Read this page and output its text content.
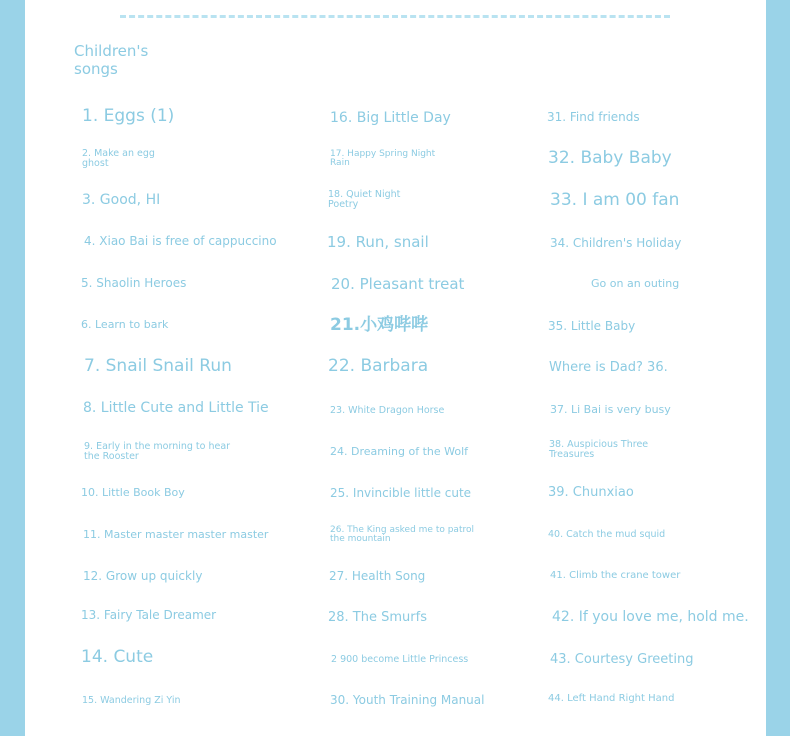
Children's songs
1. Eggs (1)
2. Make an egg ghost
3. Good, HI
4. Xiao Bai is free of cappuccino
5. Shaolin Heroes
6. Learn to bark
7. Snail Snail Run
8. Little Cute and Little Tie
9. Early in the morning to hear the Rooster
10. Little Book Boy
11. Master master master master
12. Grow up quickly
13. Fairy Tale Dreamer
14. Cute
15. Wandering Zi Yin
16. Big Little Day
17. Happy Spring Night Rain
18. Quiet Night Poetry
19. Run, snail
20. Pleasant treat
21.小鸡哔哔
22. Barbara
23. White Dragon Horse
24. Dreaming of the Wolf
25. Invincible little cute
26. The King asked me to patrol the mountain
27. Health Song
28. The Smurfs
2 900 become Little Princess
30. Youth Training Manual
31. Find friends
32. Baby Baby
33. I am 00 fan
34. Children's Holiday
Go on an outing
35. Little Baby
Where is Dad? 36.
37. Li Bai is very busy
38. Auspicious Three Treasures
39. Chunxiao
40. Catch the mud squid
41. Climb the crane tower
42. If you love me, hold me.
43. Courtesy Greeting
44. Left Hand Right Hand
